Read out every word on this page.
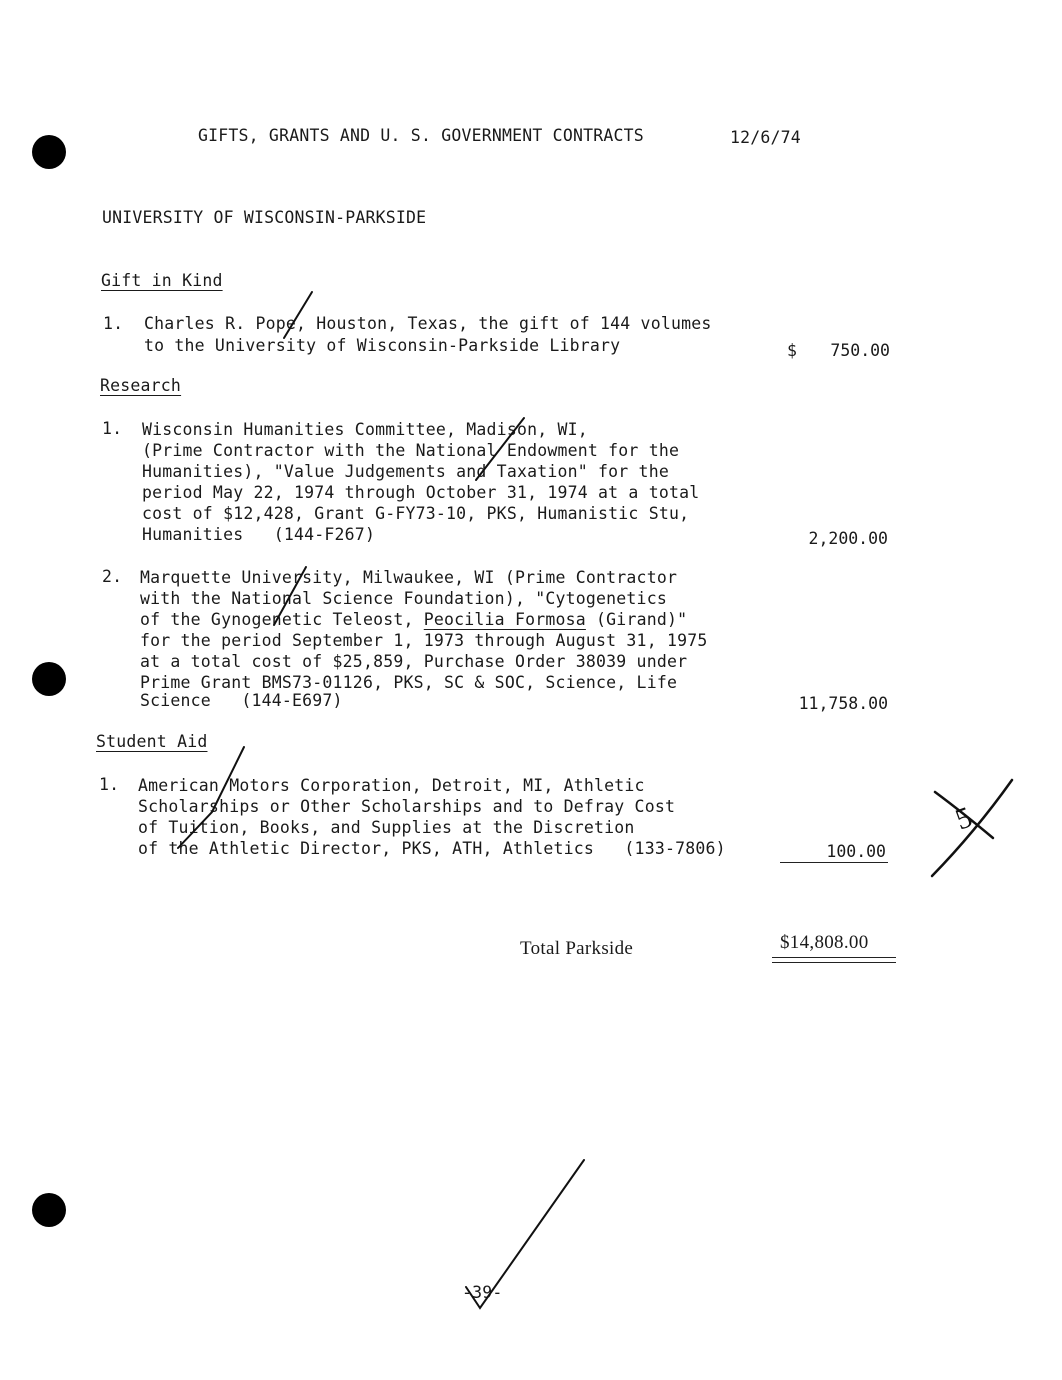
GIFTS, GRANTS AND U. S. GOVERNMENT CONTRACTS	12/6/74
UNIVERSITY OF WISCONSIN-PARKSIDE
Gift in Kind
1. Charles R. Pope, Houston, Texas, the gift of 144 volumes
to the University of Wisconsin-Parkside Library	$	750.00
Research
1. Wisconsin Humanities Committee, Madison, WI,
(Prime Contractor with the National Endowment for the
Humanities), "Value Judgements and Taxation" for the
period May 22, 1974 through October 31, 1974 at a total
cost of $12,428, Grant G-FY73-10, PKS, Humanistic Stu,
Humanities   (144-F267)	2,200.00
2. Marquette University, Milwaukee, WI (Prime Contractor
with the National Science Foundation), "Cytogenetics
of the Gynogenetic Teleost, Peocilia Formosa (Girand)"
for the period September 1, 1973 through August 31, 1975
at a total cost of $25,859, Purchase Order 38039 under
Prime Grant BMS73-01126, PKS, SC & SOC, Science, Life
Science   (144-E697)	11,758.00
Student Aid
1. American Motors Corporation, Detroit, MI, Athletic
Scholarships or Other Scholarships and to Defray Cost
of Tuition, Books, and Supplies at the Discretion
of the Athletic Director, PKS, ATH, Athletics   (133-7806)	100.00
Total Parkside	$14,808.00
-39-
5
